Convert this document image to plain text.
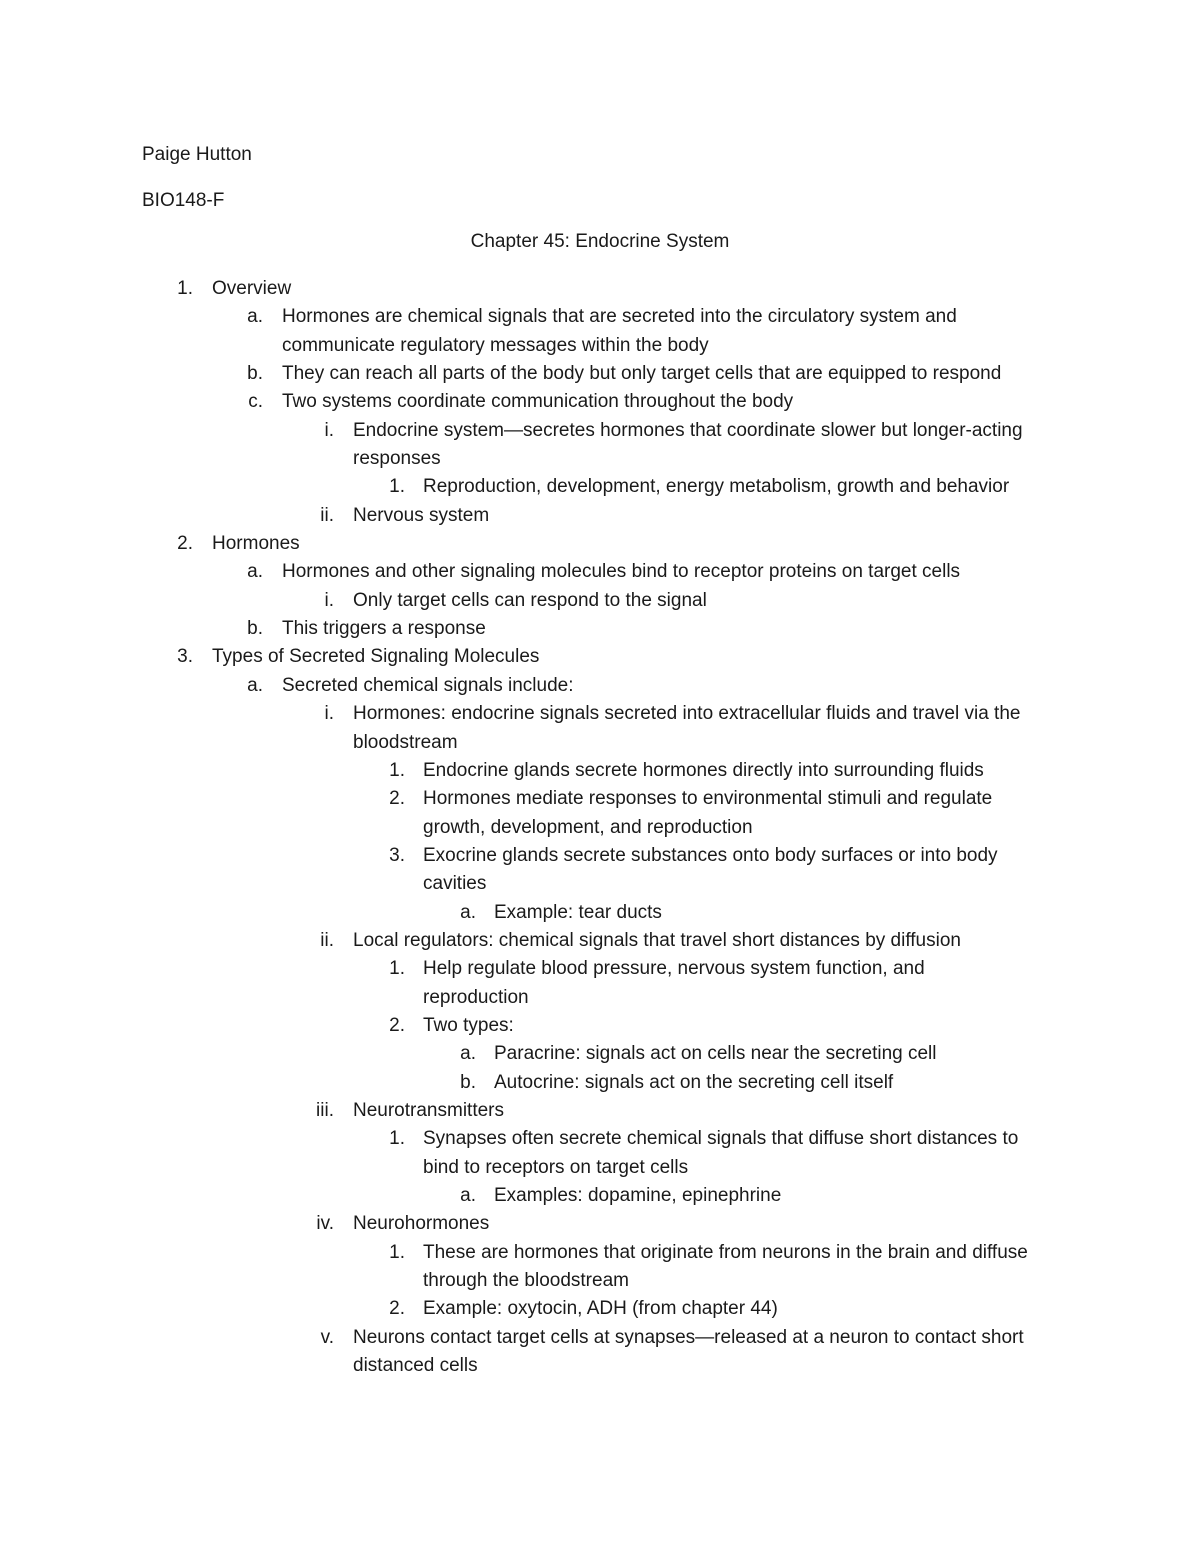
Paige Hutton
BIO148-F
Chapter 45: Endocrine System
1. Overview
a. Hormones are chemical signals that are secreted into the circulatory system and
communicate regulatory messages within the body
b. They can reach all parts of the body but only target cells that are equipped to respond
c. Two systems coordinate communication throughout the body
i. Endocrine system—secretes hormones that coordinate slower but longer-acting
responses
1. Reproduction, development, energy metabolism, growth and behavior
ii. Nervous system
2. Hormones
a. Hormones and other signaling molecules bind to receptor proteins on target cells
i. Only target cells can respond to the signal
b. This triggers a response
3. Types of Secreted Signaling Molecules
a. Secreted chemical signals include:
i. Hormones: endocrine signals secreted into extracellular fluids and travel via the
bloodstream
1. Endocrine glands secrete hormones directly into surrounding fluids
2. Hormones mediate responses to environmental stimuli and regulate
growth, development, and reproduction
3. Exocrine glands secrete substances onto body surfaces or into body
cavities
a. Example: tear ducts
ii. Local regulators: chemical signals that travel short distances by diffusion
1. Help regulate blood pressure, nervous system function, and
reproduction
2. Two types:
a. Paracrine: signals act on cells near the secreting cell
b. Autocrine: signals act on the secreting cell itself
iii. Neurotransmitters
1. Synapses often secrete chemical signals that diffuse short distances to
bind to receptors on target cells
a. Examples: dopamine, epinephrine
iv. Neurohormones
1. These are hormones that originate from neurons in the brain and diffuse
through the bloodstream
2. Example: oxytocin, ADH (from chapter 44)
v. Neurons contact target cells at synapses—released at a neuron to contact short
distanced cells
